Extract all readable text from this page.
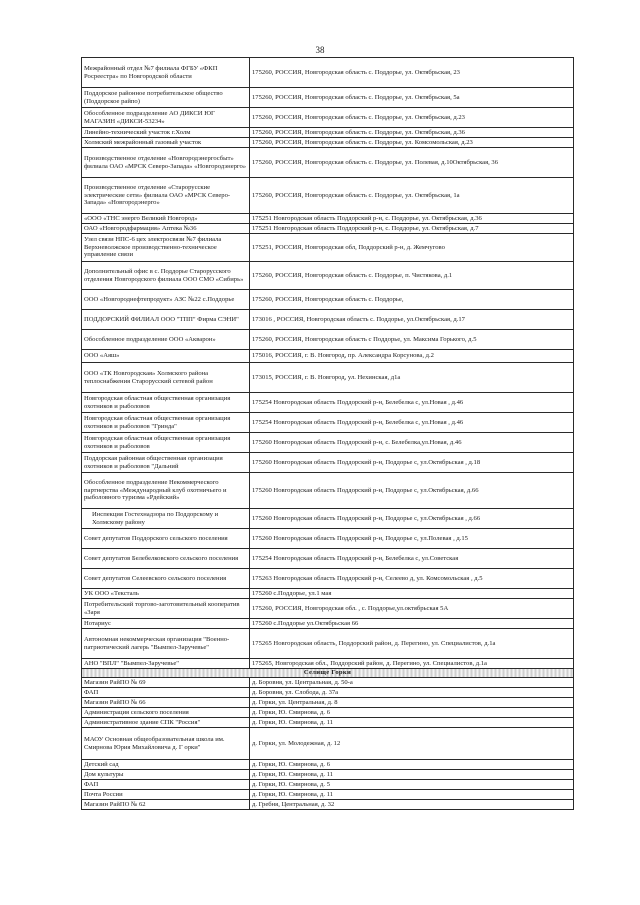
38
Межрайонный отдел №7 филиала ФГБУ «ФКП Росреестра» по Новгородской области	175260, РОССИЯ, Новгородская область с. Поддорье, ул. Октябрьская, 23
Поддорское районное потребительское общество (Поддорское райпо)	175260, РОССИЯ, Новгородская область с. Поддорье, ул. Октябрьская, 5а
Обособленное подразделение АО ДИКСИ ЮГ МАГАЗИН «ДИКСИ-53234»	175260, РОССИЯ, Новгородская область с. Поддорье, ул. Октябрьская, д.23
Линейно-технический участок г.Холм	175260, РОССИЯ, Новгородская область с. Поддорье, ул. Октябрьская, д.36
Холмский межрайонный газовый участок	175260, РОССИЯ, Новгородская область с. Поддорье, ул. Комсомольская, д.23
Производственное отделение «Новгородэнергосбыт» филиала ОАО «МРСК Северо-Запада» «Новгородэнерго»	175260, РОССИЯ, Новгородская область с. Поддорье, ул. Полевая, д.10Октябрьская, 36
Производственное отделение «Старорусские электрические сети» филиала ОАО «МРСК Северо-Запада» «Новгородэнерго»	175260, РОССИЯ, Новгородская область с. Поддорье, ул. Октябрьская, 1а
«ООО «ТНС энерго Великий Новгород»	175251 Новгородская область Поддорский р-н, с. Поддорье, ул. Октябрьская, д.36
ОАО «Новгородфармация» Аптека №36	175251 Новгородская область Поддорский р-н, с. Поддорье, ул. Октябрьская, д.7
Узел связи НПС-6 цех электросвязи №7 филиала Верхневолжское производственно-техническое управление связи	175251, РОССИЯ, Новгородская обл, Поддорский р-н, д. Жемчугово
Дополнительный офис в с. Поддорье Старорусского отделения Новгородского филиала ООО СМО «Сибирь»	175260, РОССИЯ, Новгородская область с. Поддорье, п. Чистякова, д.1
ООО «Новгороднефтепродукт» АЗС №22 с.Поддорье	175260, РОССИЯ, Новгородская область с. Поддорье,
ПОДДОРСКИЙ ФИЛИАЛ ООО "ТПП" Фирма СЭНИ"	173016 , РОССИЯ, Новгородская область с. Поддорье, ул.Октябрьская, д.17
Обособленное подразделение ООО «Акварон»	175260, РОССИЯ, Новгородская область с Поддорье, ул. Максима Горького, д.5
ООО «Аяш»	175016, РОССИЯ, г. В. Новгород, пр. Александра Корсунова, д.2
ООО «ТК Новгородская» Холмского района теплоснабжения Старорусский сетевой район	173015, РОССИЯ, г. В. Новгород, ул. Нехинская, д1а
Новгородская областная общественная организация охотников и рыболовов	175254 Новгородская область Поддорский р-н, Белебелка с, ул.Новая , д.46
Новгородская областная общественная организация охотников и рыболовов "Гринда"	175254 Новгородская область Поддорский р-н, Белебелка с, ул.Новая , д.46
Новгородская областная общественная организация охотников и рыболовов	175260 Новгородская область Поддорский р-н, с. Белебелка,ул.Новая, д.46
Поддорская районная общественная организация охотников и рыболовов "Дальний	175260 Новгородская область Поддорский р-н, Поддорье с, ул.Октябрьская , д.18
Обособленное подразделение Некоммерческого партнерства «Международный клуб охотничьего и рыболовного туризма «Рдейский»	175260 Новгородская область Поддорский р-н, Поддорье с, ул.Октябрьская, д.66
Инспекция Гостехнадзора по Поддорскому и Холмскому району	175260 Новгородская область Поддорский р-н, Поддорье с, ул.Октябрьская , д.66
Совет депутатов Поддорского сельского поселения	175260 Новгородская область Поддорский р-н, Поддорье с, ул.Полевая , д.15
Совет депутатов Белебелковского сельского поселения	175254 Новгородская область Поддорский р-н, Белебелка с, ул.Советская
Совет депутатов Селеевского сельского поселения	175263 Новгородская область Поддорский р-н, Селеево д, ул. Комсомольская , д.5
УК ООО «Тексталь	175260 с.Поддорье, ул.1 мая
Потребительский торгово-заготовительный кооператив «Заря	175260, РОССИЯ, Новгородская обл. , с. Поддорье,ул.октябрьская 5А
Нотариус	175260 с.Поддорье ул.Октябрьская 66
Автономная некоммерческая организация "Военно-патриотический лагерь "Вымпел-Заручевье"	175265 Новгородская область, Поддорский район, д. Перегино, ул. Специалистов, д.1а
АНО "ВПЛ" "Вымпел-Заручевье"	175265, Новгородская обл., Поддорский район, д. Перегино, ул. Специалистов, д.1а
Селище Горки	
Магазин РайПО № 69	д. Боровня, ул. Центральная, д. 50-а
ФАП	д. Боровня, ул. Слобода, д. 37а
Магазин РайПО № 66	д. Горки, ул. Центральная, д. 8
Администрация сельского поселения	д. Горки, Ю. Смирнова, д. 6
Административное здание СПК "Россия"	д. Горки, Ю. Смирнова, д. 11
МАОУ Основная общеобразовательная школа им. Смирнова Юрия Михайловича д. Г орки"	д. Горки, ул. Молодежная, д. 12
Детский сад	д. Горки, Ю. Смирнова, д. 6
Дом культуры	д. Горки, Ю. Смирнова, д. 11
ФАП	д. Горки, Ю. Смирнова, д. 5
Почта России	д. Горки, Ю. Смирнова, д. 11
Магазин РайПО № 62	д. Гребня, Центральная, д. 32
